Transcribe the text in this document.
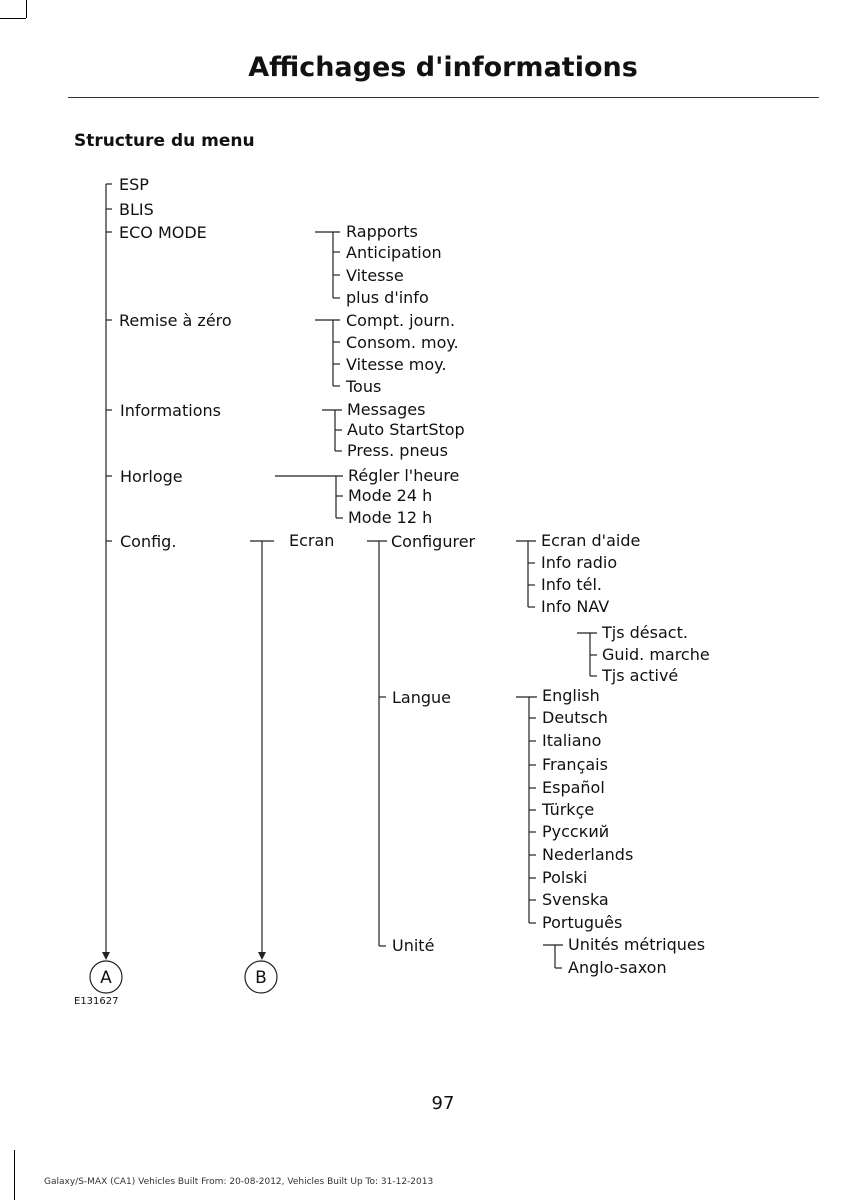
Affichages d'informations
Structure du menu
ESP
BLIS
ECO MODE
Remise à zéro
Informations
Horloge
Config.
Rapports
Anticipation
Vitesse
plus d'info
Compt. journ.
Consom. moy.
Vitesse moy.
Tous
Messages
Auto StartStop
Press. pneus
Régler l'heure
Mode 24 h
Mode 12 h
Ecran	Configurer
Langue
Unité
Ecran d'aide
Info radio
Info tél.
Info NAV
Tjs désact.
Guid. marche
Tjs activé
English
Deutsch
Italiano
Français
Español
Türkçe
Русский
Nederlands
Polski
Svenska
Português
Unités métriques
Anglo-saxon
A	B
E131627
97
Galaxy/S-MAX (CA1) Vehicles Built From: 20-08-2012, Vehicles Built Up To: 31-12-2013
